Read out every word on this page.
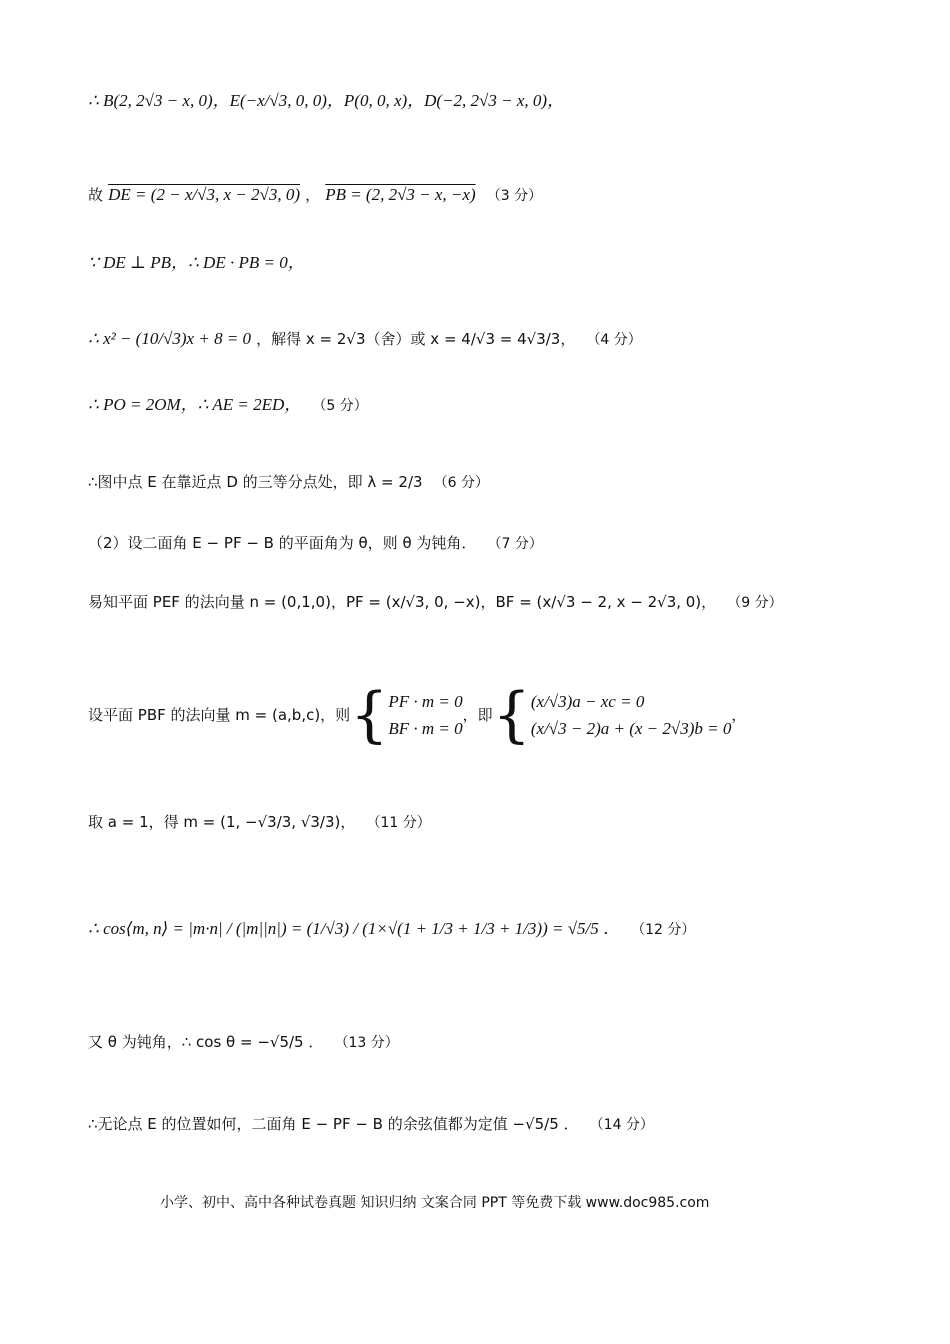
∴ B(2, 2√3 − x, 0)，E(−x/√3, 0, 0)，P(0, 0, x)，D(−2, 2√3 − x, 0)，
故 DE = (2 − x/√3, x − 2√3, 0) ， PB = (2, 2√3 − x, −x) （3 分）
∵ DE ⊥ PB，∴ DE · PB = 0，
∴ x² − (10/√3)x + 8 = 0 ，解得 x = 2√3（舍）或 x = 4/√3 = 4√3/3， （4 分）
∴ PO = 2OM，∴ AE = 2ED， （5 分）
∴图中点 E 在靠近点 D 的三等分点处，即 λ = 2/3 （6 分）
（2）设二面角 E − PF − B 的平面角为 θ，则 θ 为钝角． （7 分）
易知平面 PEF 的法向量 n = (0,1,0)，PF = (x/√3, 0, −x)，BF = (x/√3 − 2, x − 2√3, 0)， （9 分）
设平面 PBF 的法向量 m = (a,b,c)，则 { PF · m = 0
BF · m = 0
，即 { (x/√3)a − xc = 0
(x/√3 − 2)a + (x − 2√3)b = 0
，
取 a = 1，得 m = (1, −√3/3, √3/3)， （11 分）
∴ cos⟨m, n⟩ = |m·n| / (|m||n|) = (1/√3) / (1×√(1 + 1/3 + 1/3 + 1/3)) = √5/5 ． （12 分）
又 θ 为钝角，∴ cos θ = −√5/5 ． （13 分）
∴无论点 E 的位置如何，二面角 E − PF − B 的余弦值都为定值 −√5/5 ． （14 分）
小学、初中、高中各种试卷真题 知识归纳 文案合同 PPT 等免费下载 www.doc985.com
